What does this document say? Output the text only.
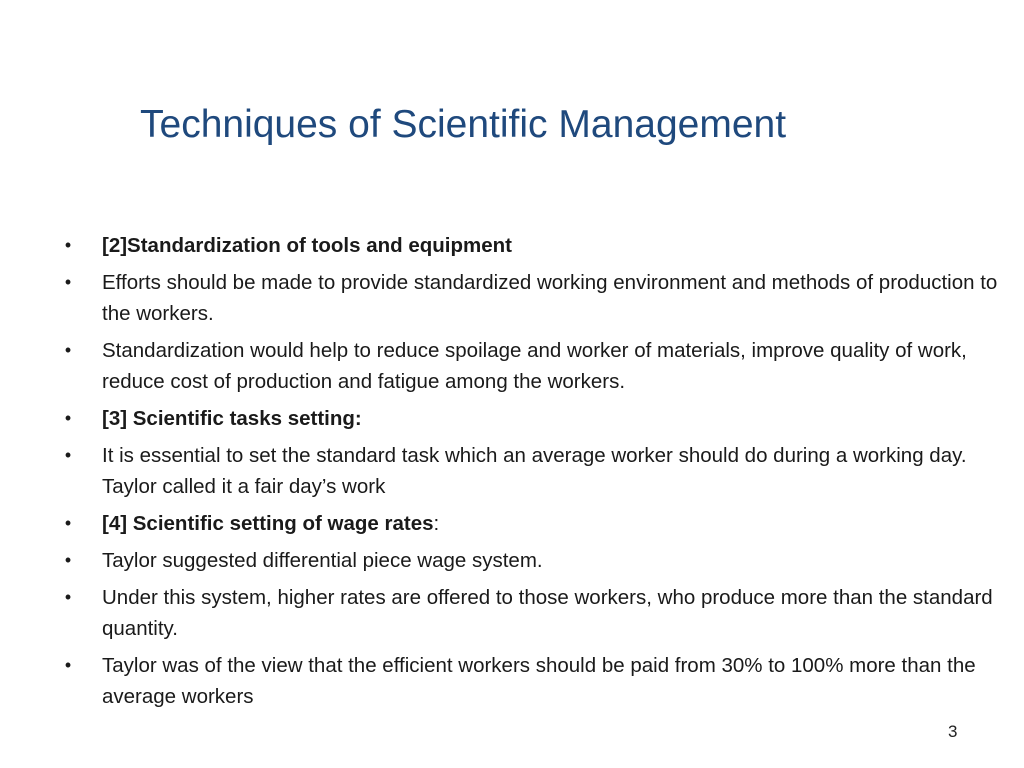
Techniques of Scientific Management
• [2]Standardization of tools and equipment
• Efforts should be made to provide standardized working environment and methods of production to the workers.
• Standardization would help to reduce spoilage and worker of materials, improve quality of work, reduce cost of production and fatigue among the workers.
• [3] Scientific tasks setting:
• It is essential to set the standard task which an average worker should do during a working day. Taylor called it a fair day’s work
• [4] Scientific setting of wage rates:
• Taylor suggested differential piece wage system.
• Under this system, higher rates are offered to those workers, who produce more than the standard quantity.
• Taylor was of the view that the efficient workers should be paid from 30% to 100% more than the average workers
3
